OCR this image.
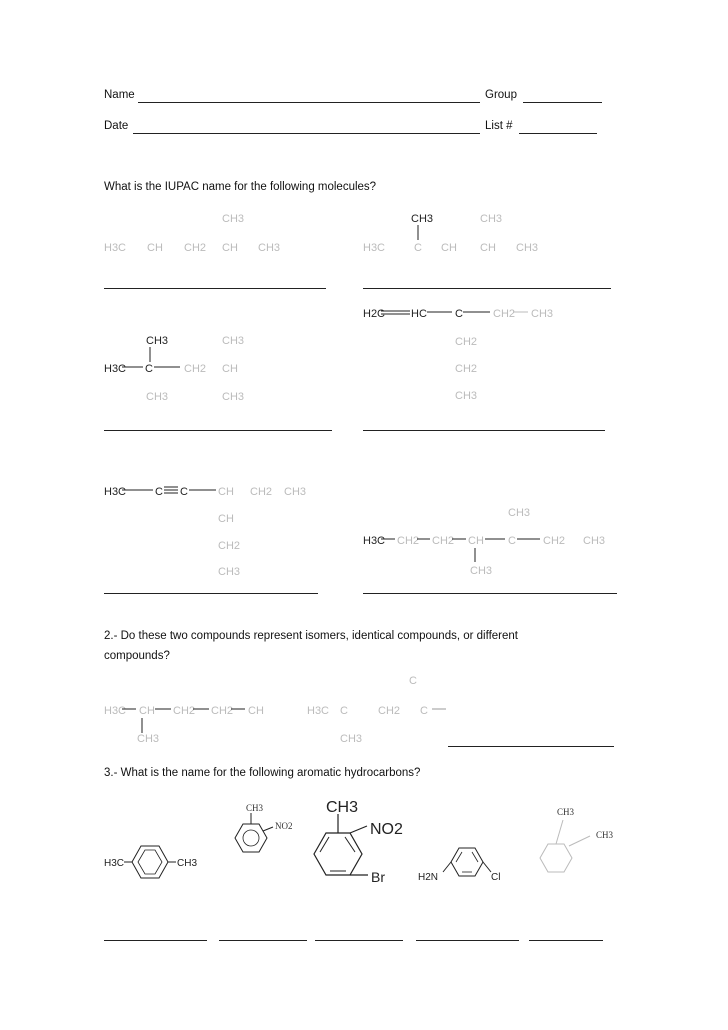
Name	Group
Date	List #
What is the IUPAC name for the following molecules?
CH3
H3C CH CH2 CH CH3
CH3	CH3
H3C	C CH CH CH3
H2C HC	C	CH2 CH3
CH2
CH2
CH3
CH3
H3C C
CH3
CH2 CH
CH3	CH3
H3C	C C	CH CH2 CH3
CH
CH2
CH3
CH3
H3C CH2 CH2 CH C CH2 CH3
CH3
H3C CH CH2 CH2 CH
CH3
C
H3C C	CH2 C
CH3
H3C	CH3
CH3
NO2
CH3
NO2
Br	H2N	Cl
CH3
CH3
2.- Do these two compounds represent isomers, identical compounds, or different
compounds?
3.- What is the name for the following aromatic hydrocarbons?
